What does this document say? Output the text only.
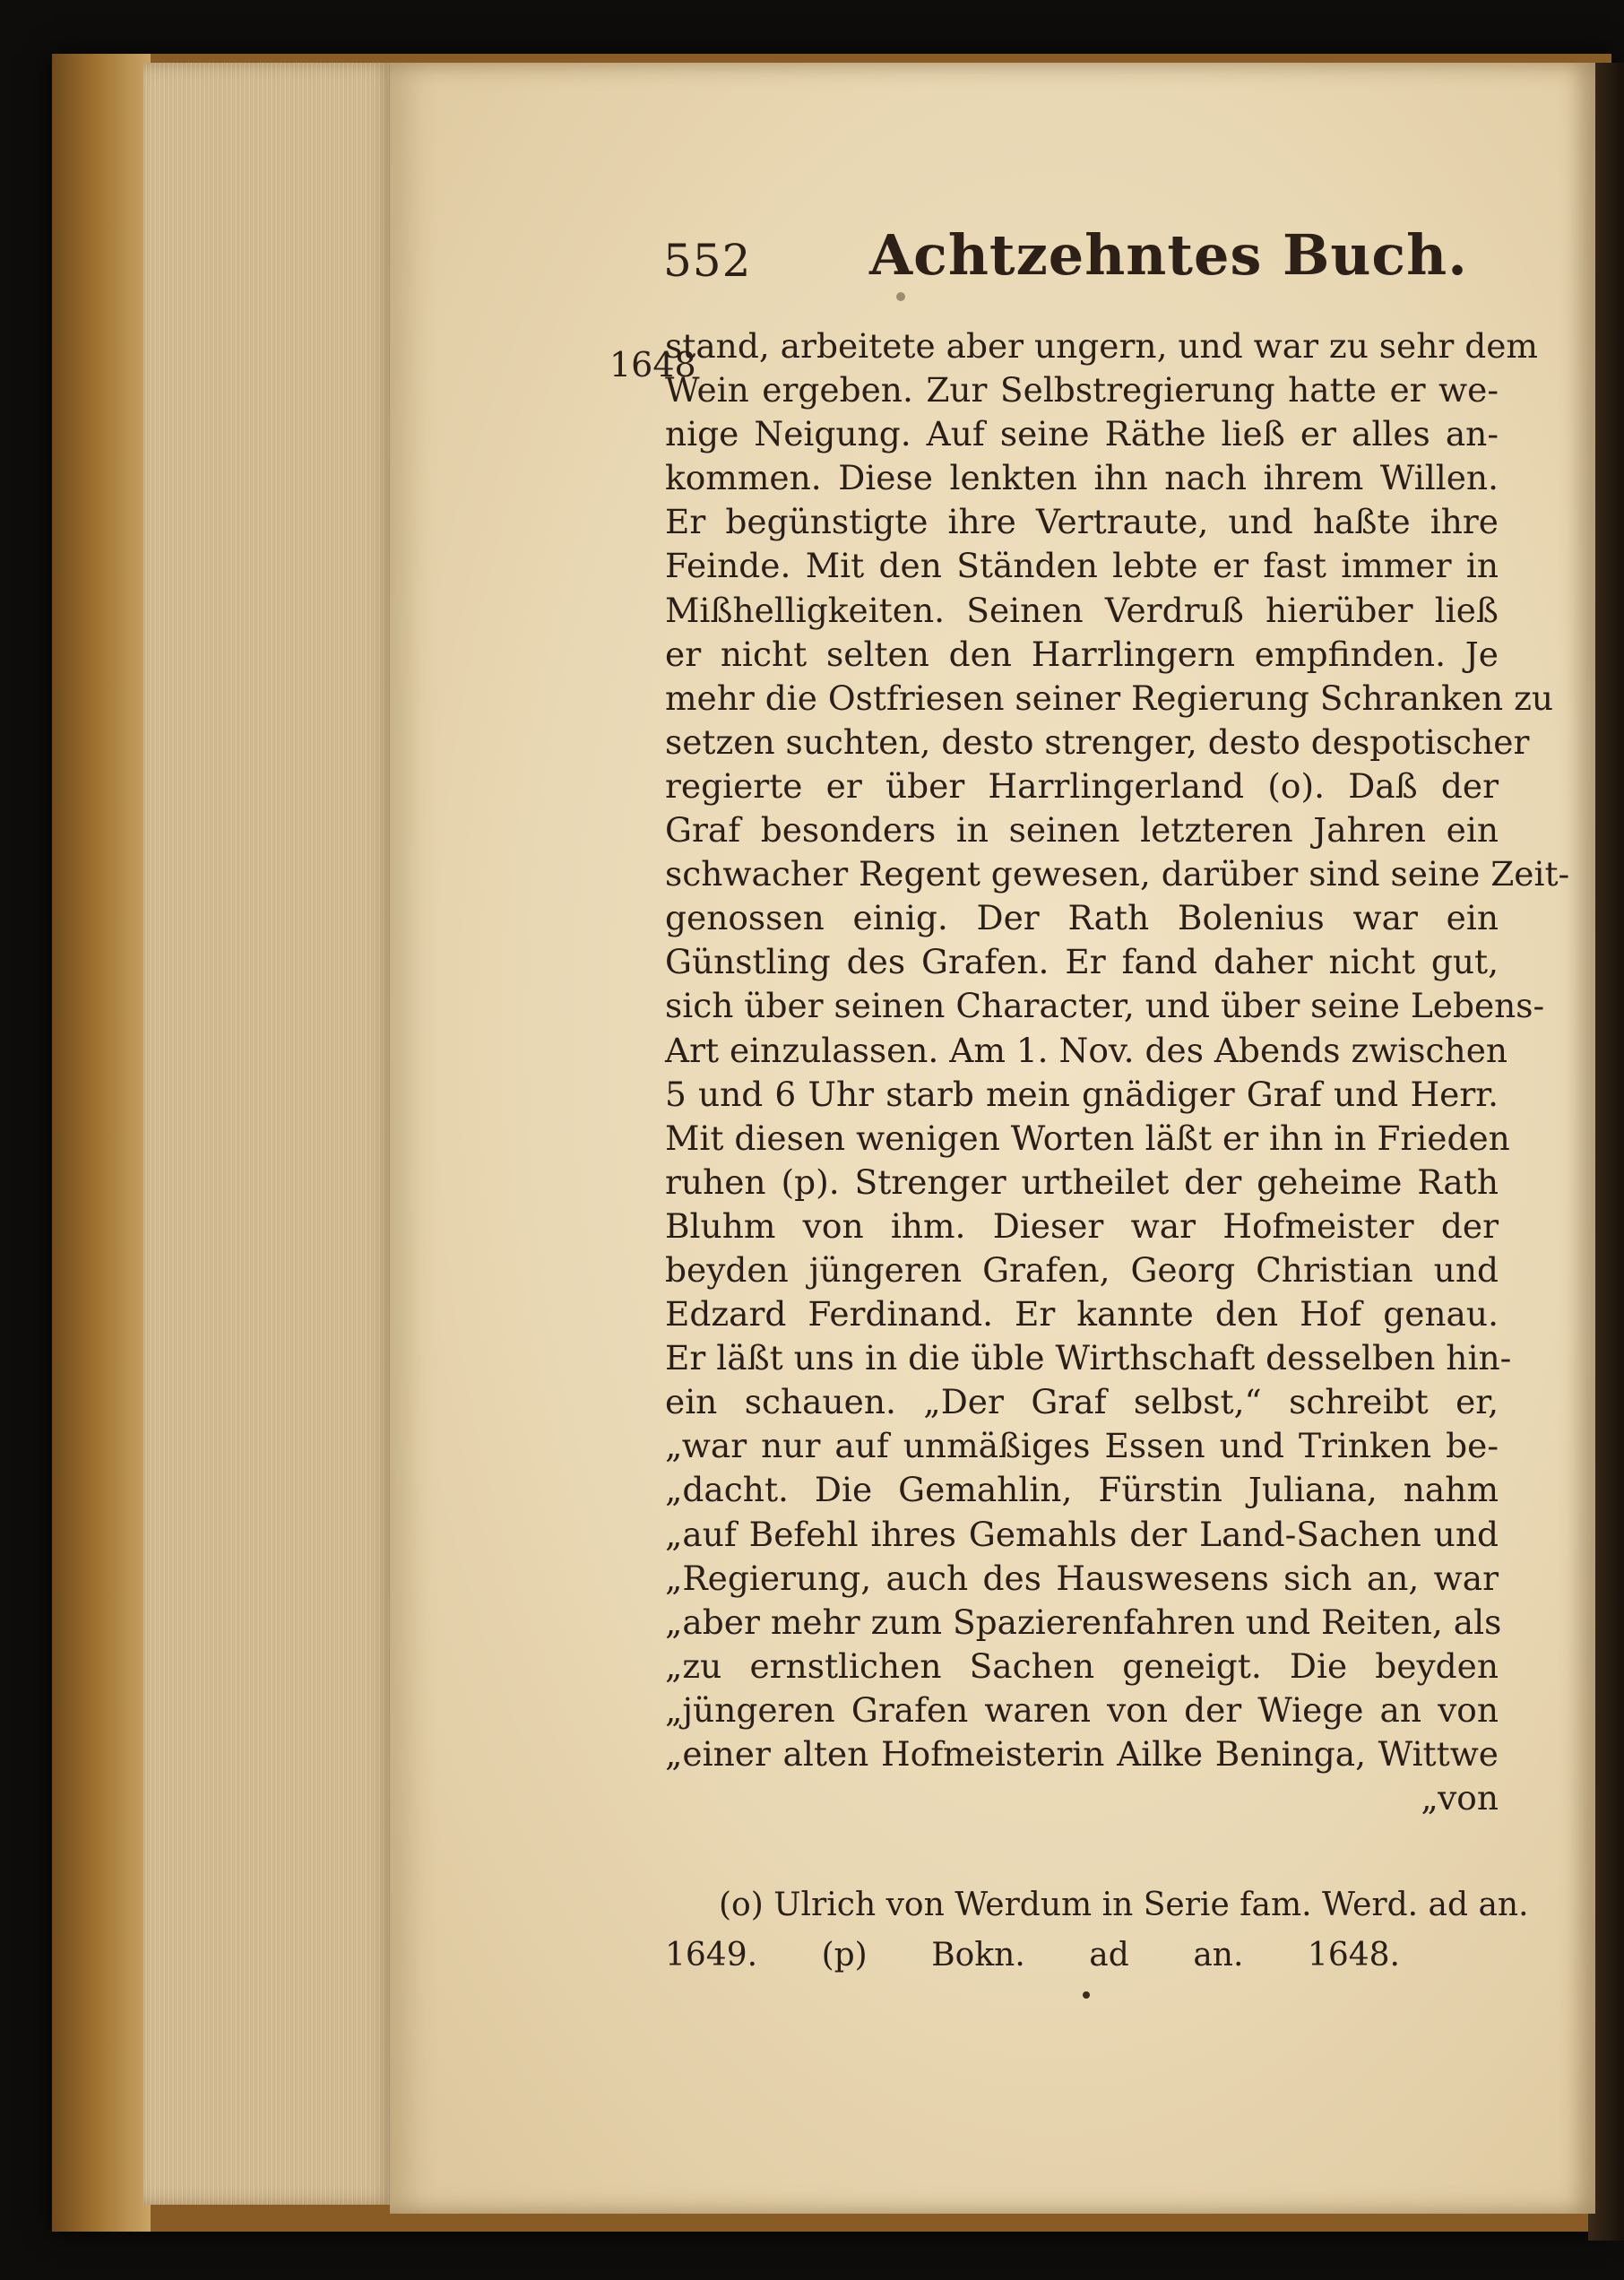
552 Achtzehntes Buch.
1648
stand, arbeitete aber ungern, und war zu sehr dem
Wein ergeben. Zur Selbstregierung hatte er we-
nige Neigung. Auf seine Räthe ließ er alles an-
kommen. Diese lenkten ihn nach ihrem Willen.
Er begünstigte ihre Vertraute, und haßte ihre
Feinde. Mit den Ständen lebte er fast immer in
Mißhelligkeiten. Seinen Verdruß hierüber ließ
er nicht selten den Harrlingern empfinden. Je
mehr die Ostfriesen seiner Regierung Schranken zu
setzen suchten, desto strenger, desto despotischer
regierte er über Harrlingerland (o). Daß der
Graf besonders in seinen letzteren Jahren ein
schwacher Regent gewesen, darüber sind seine Zeit-
genossen einig. Der Rath Bolenius war ein
Günstling des Grafen. Er fand daher nicht gut,
sich über seinen Character, und über seine Lebens-
Art einzulassen. Am 1. Nov. des Abends zwischen
5 und 6 Uhr starb mein gnädiger Graf und Herr.
Mit diesen wenigen Worten läßt er ihn in Frieden
ruhen (p). Strenger urtheilet der geheime Rath
Bluhm von ihm. Dieser war Hofmeister der
beyden jüngeren Grafen, Georg Christian und
Edzard Ferdinand. Er kannte den Hof genau.
Er läßt uns in die üble Wirthschaft desselben hin-
ein schauen. „Der Graf selbst,“ schreibt er,
„war nur auf unmäßiges Essen und Trinken be-
„dacht. Die Gemahlin, Fürstin Juliana, nahm
„auf Befehl ihres Gemahls der Land-Sachen und
„Regierung, auch des Hauswesens sich an, war
„aber mehr zum Spazierenfahren und Reiten, als
„zu ernstlichen Sachen geneigt. Die beyden
„jüngeren Grafen waren von der Wiege an von
„einer alten Hofmeisterin Ailke Beninga, Wittwe
„von
(o) Ulrich von Werdum in Serie fam. Werd. ad an.
1649. (p) Bokn. ad an. 1648.
